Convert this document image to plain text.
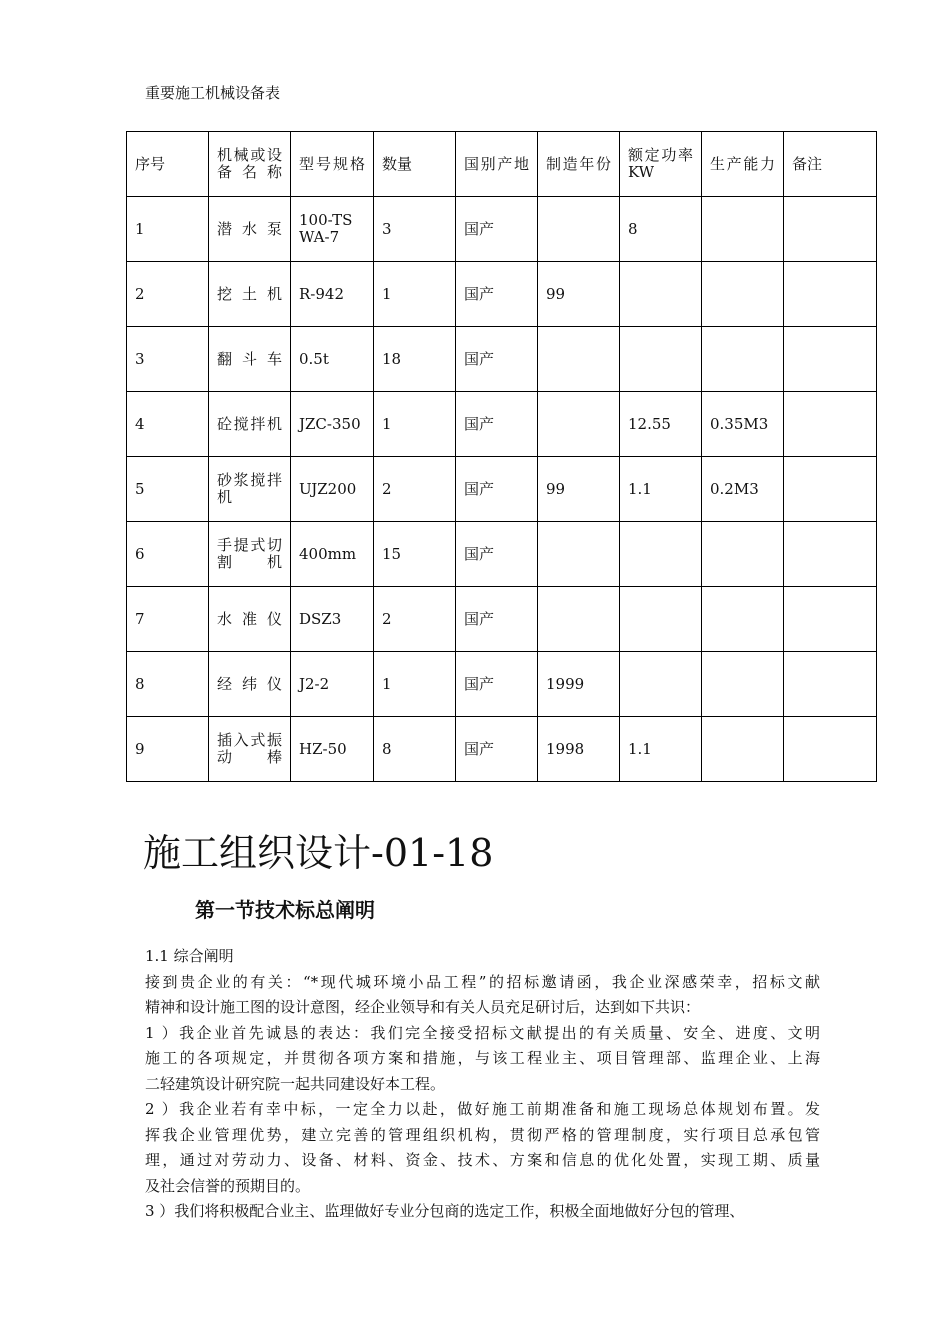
重要施工机械设备表
序号	机械或设备名称	型号规格	数量	国别产地	制造年份	额定功率KW	生产能力	备注
1	潜水泵	100-TSWA-7	3	国产		8		
2	挖土机	R-942	1	国产	99			
3	翻斗车	0.5t	18	国产				
4	砼搅拌机	JZC-350	1	国产		12.55	0.35M3	
5	砂浆搅拌机	UJZ200	2	国产	99	1.1	0.2M3	
6	手提式切割机	400mm	15	国产				
7	水准仪	DSZ3	2	国产				
8	经纬仪	J2-2	1	国产	1999			
9	插入式振动棒	HZ-50	8	国产	1998	1.1		
施工组织设计-01-18
第一节技术标总阐明

1.1 综合阐明

接到贵企业的有关：“*现代城环境小品工程”的招标邀请函，我企业深感荣幸，招标文献

精神和设计施工图的设计意图，经企业领导和有关人员充足研讨后，达到如下共识：

1 ）我企业首先诚恳的表达：我们完全接受招标文献提出的有关质量、安全、进度、文明

施工的各项规定，并贯彻各项方案和措施，与该工程业主、项目管理部、监理企业、上海

二轻建筑设计研究院一起共同建设好本工程。

2 ）我企业若有幸中标，一定全力以赴，做好施工前期准备和施工现场总体规划布置。发

挥我企业管理优势，建立完善的管理组织机构，贯彻严格的管理制度，实行项目总承包管

理，通过对劳动力、设备、材料、资金、技术、方案和信息的优化处置，实现工期、质量

及社会信誉的预期目的。

3 ）我们将积极配合业主、监理做好专业分包商的选定工作，积极全面地做好分包的管理、
